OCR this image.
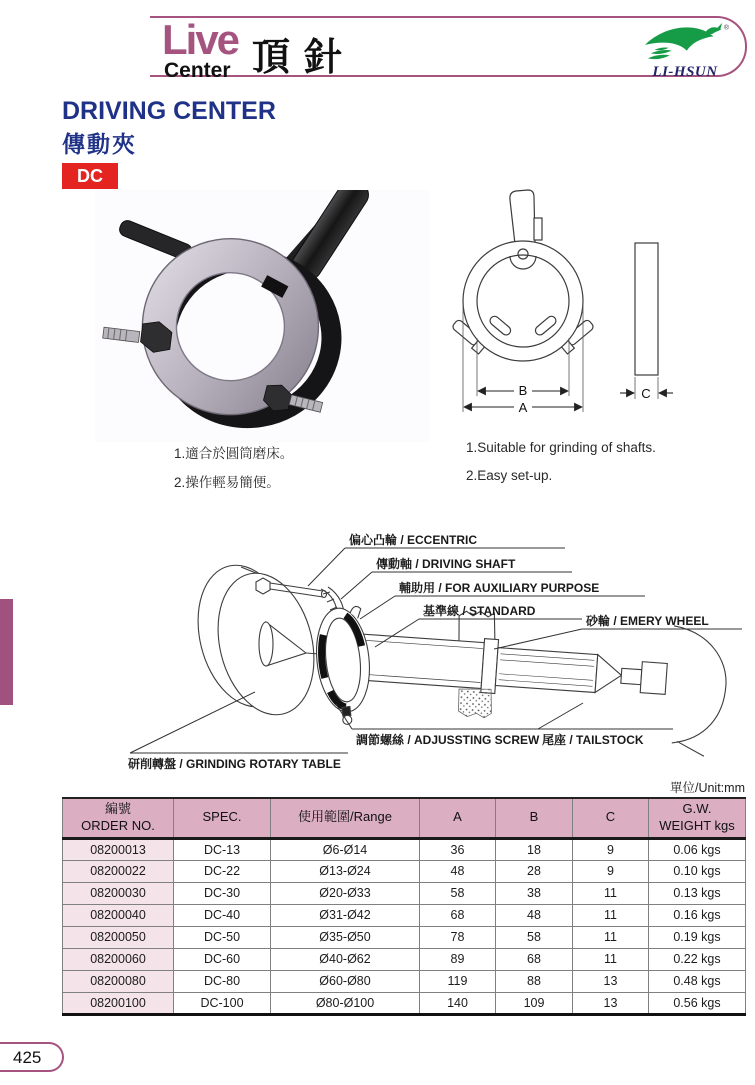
Live
Center 頂針
®
LI-HSUN
DRIVING CENTER
傳動夾
DC
B
A
C
1.適合於圓筒磨床。
2.操作輕易簡便。
1.Suitable for grinding of shafts.
2.Easy set-up.
偏心凸輪 / ECCENTRIC
傳動軸 / DRIVING SHAFT
輔助用 / FOR AUXILIARY PURPOSE
基準線 / STANDARD
砂輪 / EMERY WHEEL
調節螺絲 / ADJUSSTING SCREW 尾座 / TAILSTOCK
研削轉盤 / GRINDING ROTARY TABLE
單位/Unit:mm
編號
ORDER NO.
	SPEC.	使用範圍/Range	A	B	C	
G.W.
WEIGHT kgs

08200013	DC-13	Ø6-Ø14	36	18	9	0.06 kgs
08200022	DC-22	Ø13-Ø24	48	28	9	0.10 kgs
08200030	DC-30	Ø20-Ø33	58	38	11	0.13 kgs
08200040	DC-40	Ø31-Ø42	68	48	11	0.16 kgs
08200050	DC-50	Ø35-Ø50	78	58	11	0.19 kgs
08200060	DC-60	Ø40-Ø62	89	68	11	0.22 kgs
08200080	DC-80	Ø60-Ø80	119	88	13	0.48 kgs
08200100	DC-100	Ø80-Ø100	140	109	13	0.56 kgs
425
